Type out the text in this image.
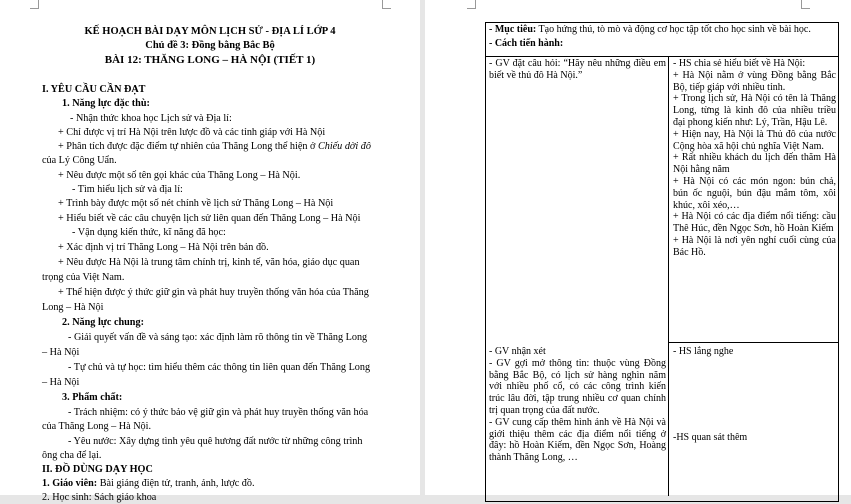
KẾ HOẠCH BÀI DẠY MÔN LỊCH SỬ - ĐỊA LÍ LỚP 4
Chủ đề 3: Đồng bằng Bắc Bộ
BÀI 12: THĂNG LONG – HÀ NỘI (TIẾT 1)
I. YÊU CẦU CẦN ĐẠT
1. Năng lực đặc thù:
- Nhận thức khoa học Lịch sử và Địa lí:
+ Chỉ được vị trí Hà Nội trên lược đồ và các tỉnh giáp với Hà Nội
+ Phân tích được đặc điểm tự nhiên của Thăng Long thể hiện ở Chiếu dời đô
của Lý Công Uẩn.
+ Nêu được một số tên gọi khác của Thăng Long – Hà Nội.
- Tìm hiểu lịch sử và địa lí:
+ Trình bày được một số nét chính về lịch sử Thăng Long – Hà Nội
+ Hiểu biết về các câu chuyện lịch sử liên quan đến Thăng Long – Hà Nội
- Vận dụng kiến thức, kĩ năng đã học:
+ Xác định vị trí Thăng Long – Hà Nội trên bản đồ.
+ Nêu được Hà Nội là trung tâm chính trị, kinh tế, văn hóa, giáo dục quan
trọng của Việt Nam.
+ Thể hiện được ý thức giữ gìn và phát huy truyền thống văn hóa của Thăng
Long – Hà Nội
2. Năng lực chung:
- Giải quyết vấn đề và sáng tạo: xác định làm rõ thông tin về Thăng Long
– Hà Nội
- Tự chủ và tự học: tìm hiểu thêm các thông tin liên quan đến Thăng Long
– Hà Nội
3. Phẩm chất:
- Trách nhiệm: có ý thức bảo vệ giữ gìn và phát huy truyền thống văn hóa
của Thăng Long – Hà Nội.
- Yêu nước: Xây dựng tình yêu quê hương đất nước từ những công trình
ông cha để lại.
II. ĐỒ DÙNG DẠY HỌC
1. Giáo viên: Bài giảng điện tử, tranh, ảnh, lược đồ.
2. Học sinh: Sách giáo khoa
- Mục tiêu: Tạo hứng thú, tò mò và động cơ học tập tốt cho học sinh về bài học.
- Cách tiến hành:

- GV đặt câu hỏi: “Hãy nêu những điều em biết về thủ đô Hà Nội.”

- GV nhận xét

- GV gợi mở thông tin: thuộc vùng Đồng bằng Bắc Bộ, có lịch sử hàng nghìn năm với nhiều phố cổ, có các công trình kiến trúc lâu đời, tập trung nhiều cơ quan chính trị quan trọng của đất nước.

- GV cung cấp thêm hình ảnh về Hà Nội và giới thiệu thêm các địa điểm nổi tiếng ở đây: hồ Hoàn Kiếm, đền Ngọc Sơn, Hoàng thành Thăng Long, …

- HS chia sẻ hiểu biết về Hà Nội:

+ Hà Nội nằm ở vùng Đồng bằng Bắc Bộ, tiếp giáp với nhiều tỉnh.

+ Trong lịch sử, Hà Nội có tên là Thăng Long, từng là kinh đô của nhiều triều đại phong kiến như: Lý, Trần, Hậu Lê.

+ Hiện nay, Hà Nội là Thủ đô của nước Cộng hòa xã hội chủ nghĩa Việt Nam.

+ Rất nhiều khách du lịch đến thăm Hà Nội hằng năm

+ Hà Nội có các món ngon: bún chả, bún ốc nguội, bún đậu mắm tôm, xôi khúc, xôi xéo,…

+ Hà Nội có các địa điểm nổi tiếng: cầu Thê Húc, đền Ngọc Sơn, hồ Hoàn Kiếm

+ Hà Nội là nơi yên nghỉ cuối cùng của Bác Hồ.

- HS lắng nghe

-HS quan sát thêm
